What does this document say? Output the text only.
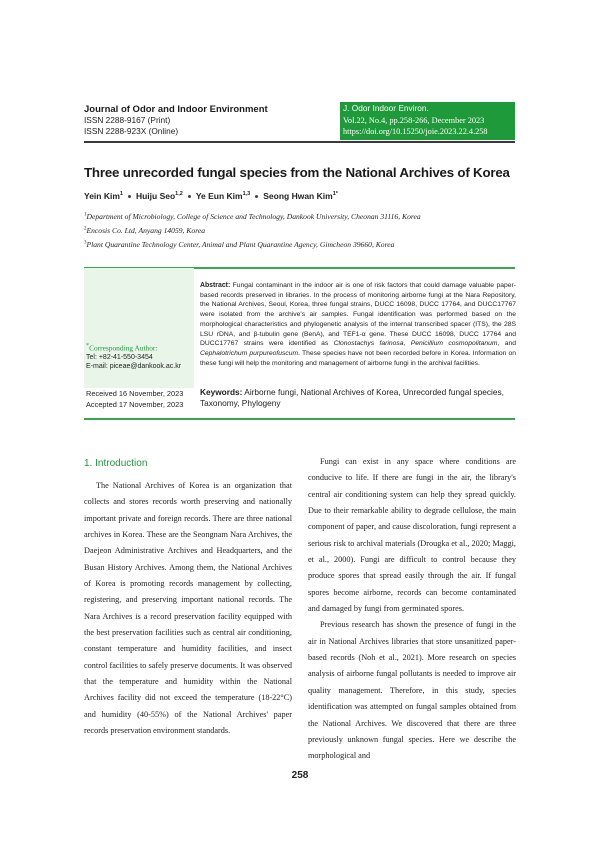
Journal of Odor and Indoor Environment
ISSN 2288-9167 (Print)
ISSN 2288-923X (Online)
J. Odor Indoor Environ.
Vol.22, No.4, pp.258-266, December 2023
https://doi.org/10.15250/joie.2023.22.4.258
Three unrecorded fungal species from the National Archives of Korea
Yein Kim$^1$ Huiju Seo$^{1,2}$ Ye Eun Kim$^{1,3}$ Seong Hwan Kim$^{1*}$
$^1$Department of Microbiology, College of Science and Technology, Dankook University, Cheonan 31116, Korea
$^2$Encosis Co. Ltd, Anyang 14059, Korea
$^3$Plant Quarantine Technology Center, Animal and Plant Quarantine Agency, Gimcheon 39660, Korea
*Corresponding Author:
Tel: +82-41-550-3454
E-mail: piceae@dankook.ac.kr
Received 16 November, 2023
Accepted 17 November, 2023
Abstract: Fungal contaminant in the indoor air is one of risk factors that could damage valuable paper-based records preserved in libraries. In the process of monitoring airborne fungi at the Nara Repository, the National Archives, Seoul, Korea, three fungal strains, DUCC 16098, DUCC 17764, and DUCC17767 were isolated from the archive's air samples. Fungal identification was performed based on the morphological characteristics and phylogenetic analysis of the internal transcribed spacer (ITS), the 28S LSU rDNA, and β-tubulin gene (BenA), and TEF1-α gene. These DUCC 16098, DUCC 17764 and DUCC17767 strains were identified as Clonostachys farinosa, Penicillium cosmopolitanum, and Cephalotrichum purpureofuscum. These species have not been recorded before in Korea. Information on these fungi will help the monitoring and management of airborne fungi in the archival facilities.
Keywords: Airborne fungi, National Archives of Korea, Unrecorded fungal species, Taxonomy, Phylogeny
1. Introduction

The National Archives of Korea is an organization that collects and stores records worth preserving and nationally important private and foreign records. There are three national archives in Korea. These are the Seongnam Nara Archives, the Daejeon Administrative Archives and Headquarters, and the Busan History Archives. Among them, the National Archives of Korea is promoting records management by collecting, registering, and preserving important national records. The Nara Archives is a record preservation facility equipped with the best preservation facilities such as central air conditioning, constant temperature and humidity facilities, and insect control facilities to safely preserve documents. It was observed that the temperature and humidity within the National Archives facility did not exceed the temperature (18-22°C) and humidity (40-55%) of the National Archives' paper records preservation environment standards.

Fungi can exist in any space where conditions are conducive to life. If there are fungi in the air, the library's central air conditioning system can help they spread quickly. Due to their remarkable ability to degrade cellulose, the main component of paper, and cause discoloration, fungi represent a serious risk to archival materials (Drougka et al., 2020; Maggi, et al., 2000). Fungi are difficult to control because they produce spores that spread easily through the air. If fungal spores become airborne, records can become contaminated and damaged by fungi from germinated spores.

Previous research has shown the presence of fungi in the air in National Archives libraries that store unsanitized paper-based records (Noh et al., 2021). More research on species analysis of airborne fungal pollutants is needed to improve air quality management. Therefore, in this study, species identification was attempted on fungal samples obtained from the National Archives. We discovered that there are three previously unknown fungal species. Here we describe the morphological and

258
